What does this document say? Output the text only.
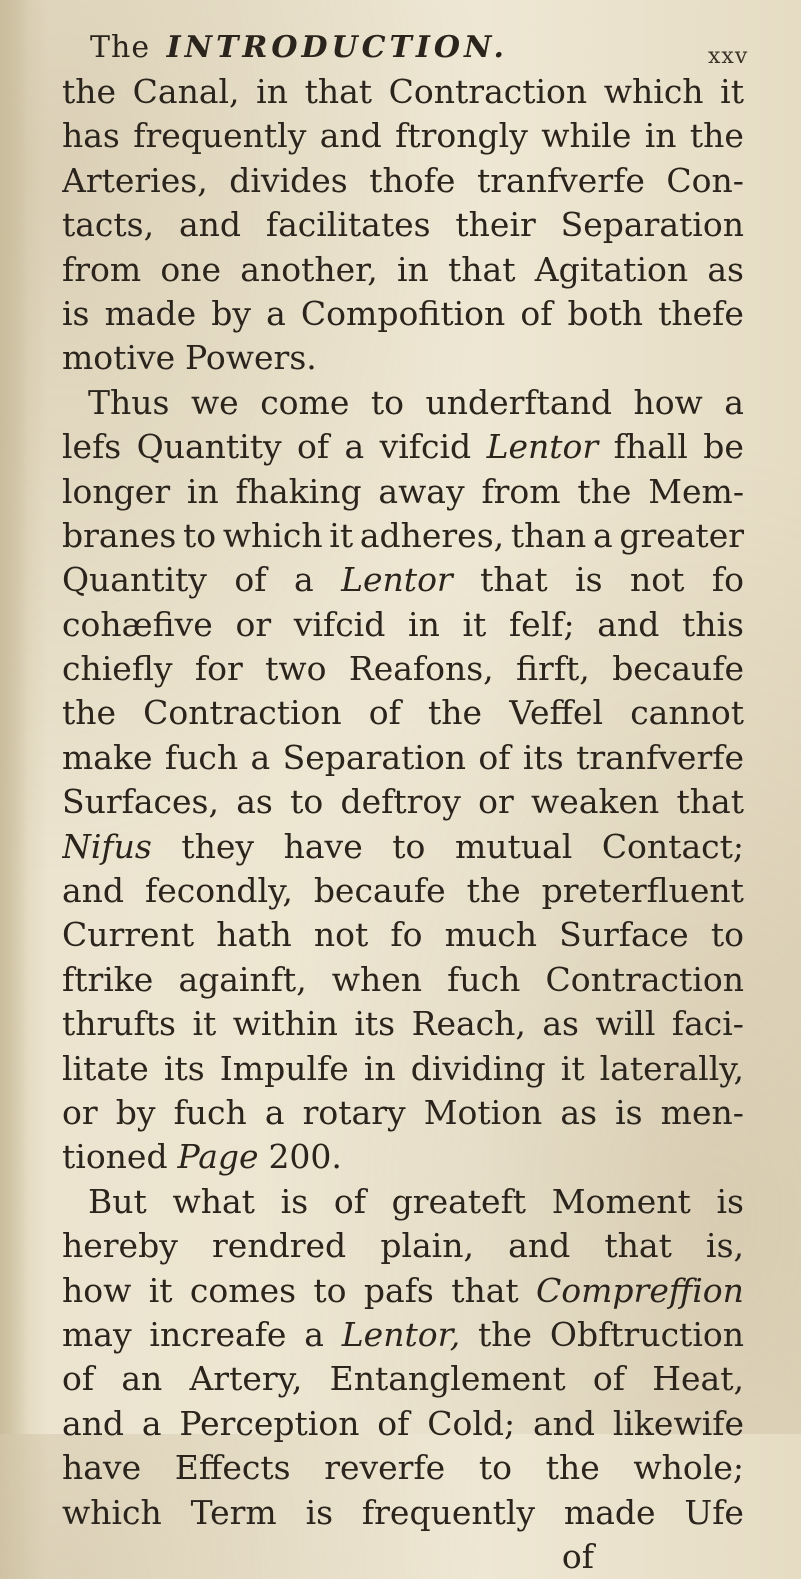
The INTRODUCTION.	xxv
the Canal, in that Contraction which it
has frequently and ftrongly while in the
Arteries, divides thofe tranfverfe Con-
tacts, and facilitates their Separation
from one another, in that Agitation as
is made by a Compofition of both thefe
motive Powers.
Thus we come to underftand how a
lefs Quantity of a vifcid Lentor fhall be
longer in fhaking away from the Mem-
branes to which it adheres, than a greater
Quantity of a Lentor that is not fo
cohæfive or vifcid in it felf; and this
chiefly for two Reafons, firft, becaufe
the Contraction of the Veffel cannot
make fuch a Separation of its tranfverfe
Surfaces, as to deftroy or weaken that
Nifus they have to mutual Contact;
and fecondly, becaufe the preterfluent
Current hath not fo much Surface to
ftrike againft, when fuch Contraction
thrufts it within its Reach, as will faci-
litate its Impulfe in dividing it laterally,
or by fuch a rotary Motion as is men-
tioned Page 200.
But what is of greateft Moment is
hereby rendred plain, and that is,
how it comes to pafs that Compreffion
may increafe a Lentor, the Obftruction
of an Artery, Entanglement of Heat,
and a Perception of Cold; and likewife
have Effects reverfe to the whole;
which Term is frequently made Ufe
of
